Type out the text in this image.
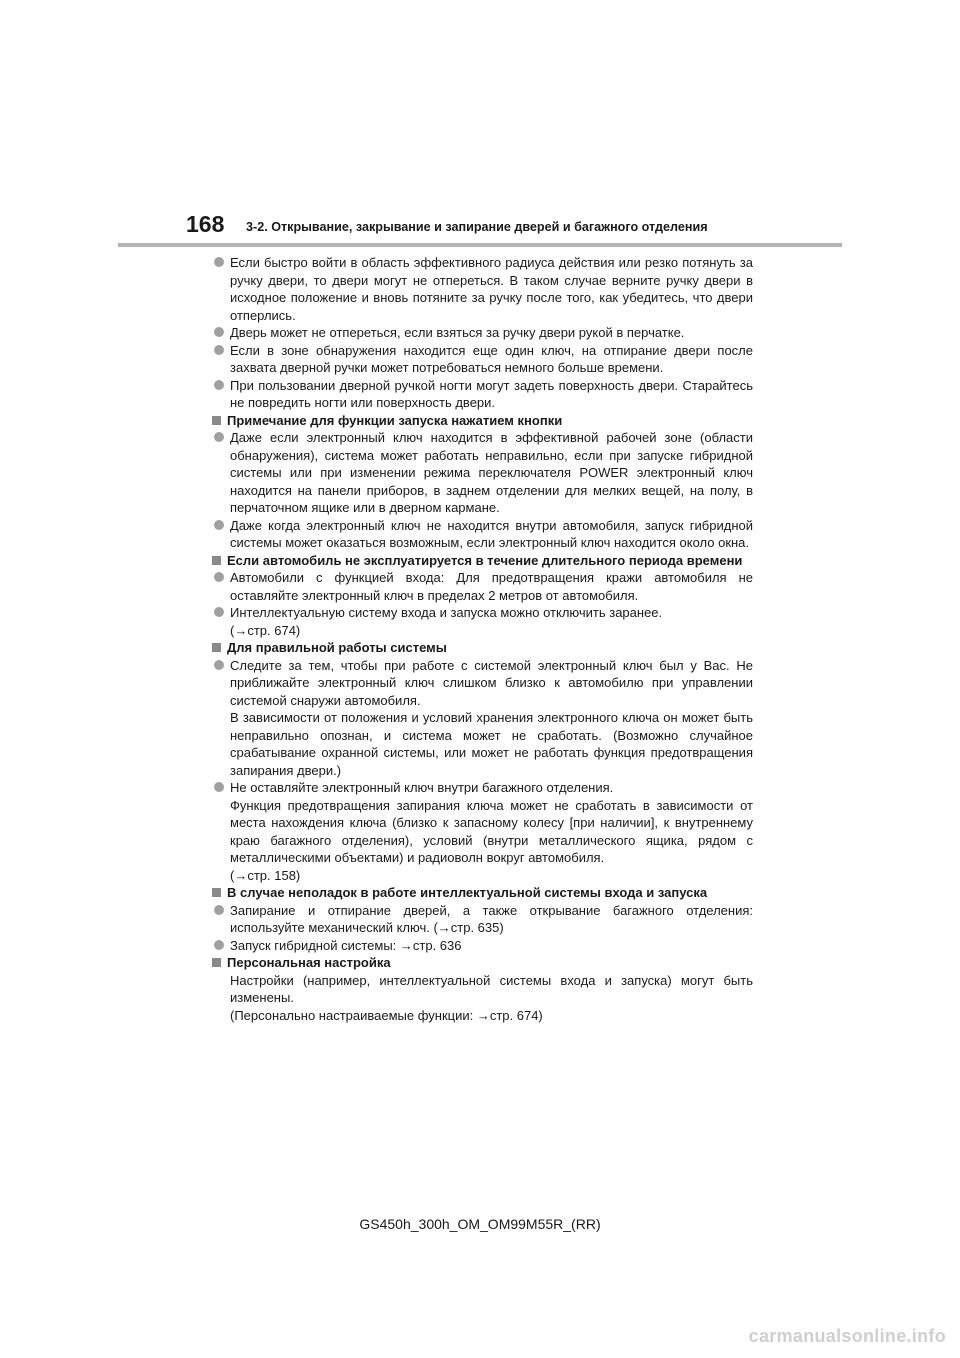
168 3-2. Открывание, закрывание и запирание дверей и багажного отделения

Если быстро войти в область эффективного радиуса действия или резко потянуть за ручку двери, то двери могут не отпереться. В таком случае верните ручку двери в исходное положение и вновь потяните за ручку после того, как убедитесь, что двери отперлись.

Дверь может не отпереться, если взяться за ручку двери рукой в перчатке.

Если в зоне обнаружения находится еще один ключ, на отпирание двери после захвата дверной ручки может потребоваться немного больше времени.

При пользовании дверной ручкой ногти могут задеть поверхность двери. Старайтесь не повредить ногти или поверхность двери.

Примечание для функции запуска нажатием кнопки

Даже если электронный ключ находится в эффективной рабочей зоне (области обнаружения), система может работать неправильно, если при запуске гибридной системы или при изменении режима переключателя POWER электронный ключ находится на панели приборов, в заднем отделении для мелких вещей, на полу, в перчаточном ящике или в дверном кармане.

Даже когда электронный ключ не находится внутри автомобиля, запуск гибридной системы может оказаться возможным, если электронный ключ находится около окна.

Если автомобиль не эксплуатируется в течение длительного периода времени

Автомобили с функцией входа: Для предотвращения кражи автомобиля не оставляйте электронный ключ в пределах 2 метров от автомобиля.

Интеллектуальную систему входа и запуска можно отключить заранее.
(→стр. 674)

Для правильной работы системы

Следите за тем, чтобы при работе с системой электронный ключ был у Вас. Не приближайте электронный ключ слишком близко к автомобилю при управлении системой снаружи автомобиля.

В зависимости от положения и условий хранения электронного ключа он может быть неправильно опознан, и система может не сработать. (Возможно случайное срабатывание охранной системы, или может не работать функция предотвращения запирания двери.)

Не оставляйте электронный ключ внутри багажного отделения.
Функция предотвращения запирания ключа может не сработать в зависимости от места нахождения ключа (близко к запасному колесу [при наличии], к внутреннему краю багажного отделения), условий (внутри металлического ящика, рядом с металлическими объектами) и радиоволн вокруг автомобиля.
(→стр. 158)

В случае неполадок в работе интеллектуальной системы входа и запуска

Запирание и отпирание дверей, а также открывание багажного отделения: используйте механический ключ. (→стр. 635)

Запуск гибридной системы: →стр. 636

Персональная настройка

Настройки (например, интеллектуальной системы входа и запуска) могут быть изменены.
(Персонально настраиваемые функции: →стр. 674)

GS450h_300h_OM_OM99M55R_(RR)
carmanualsonline.info
